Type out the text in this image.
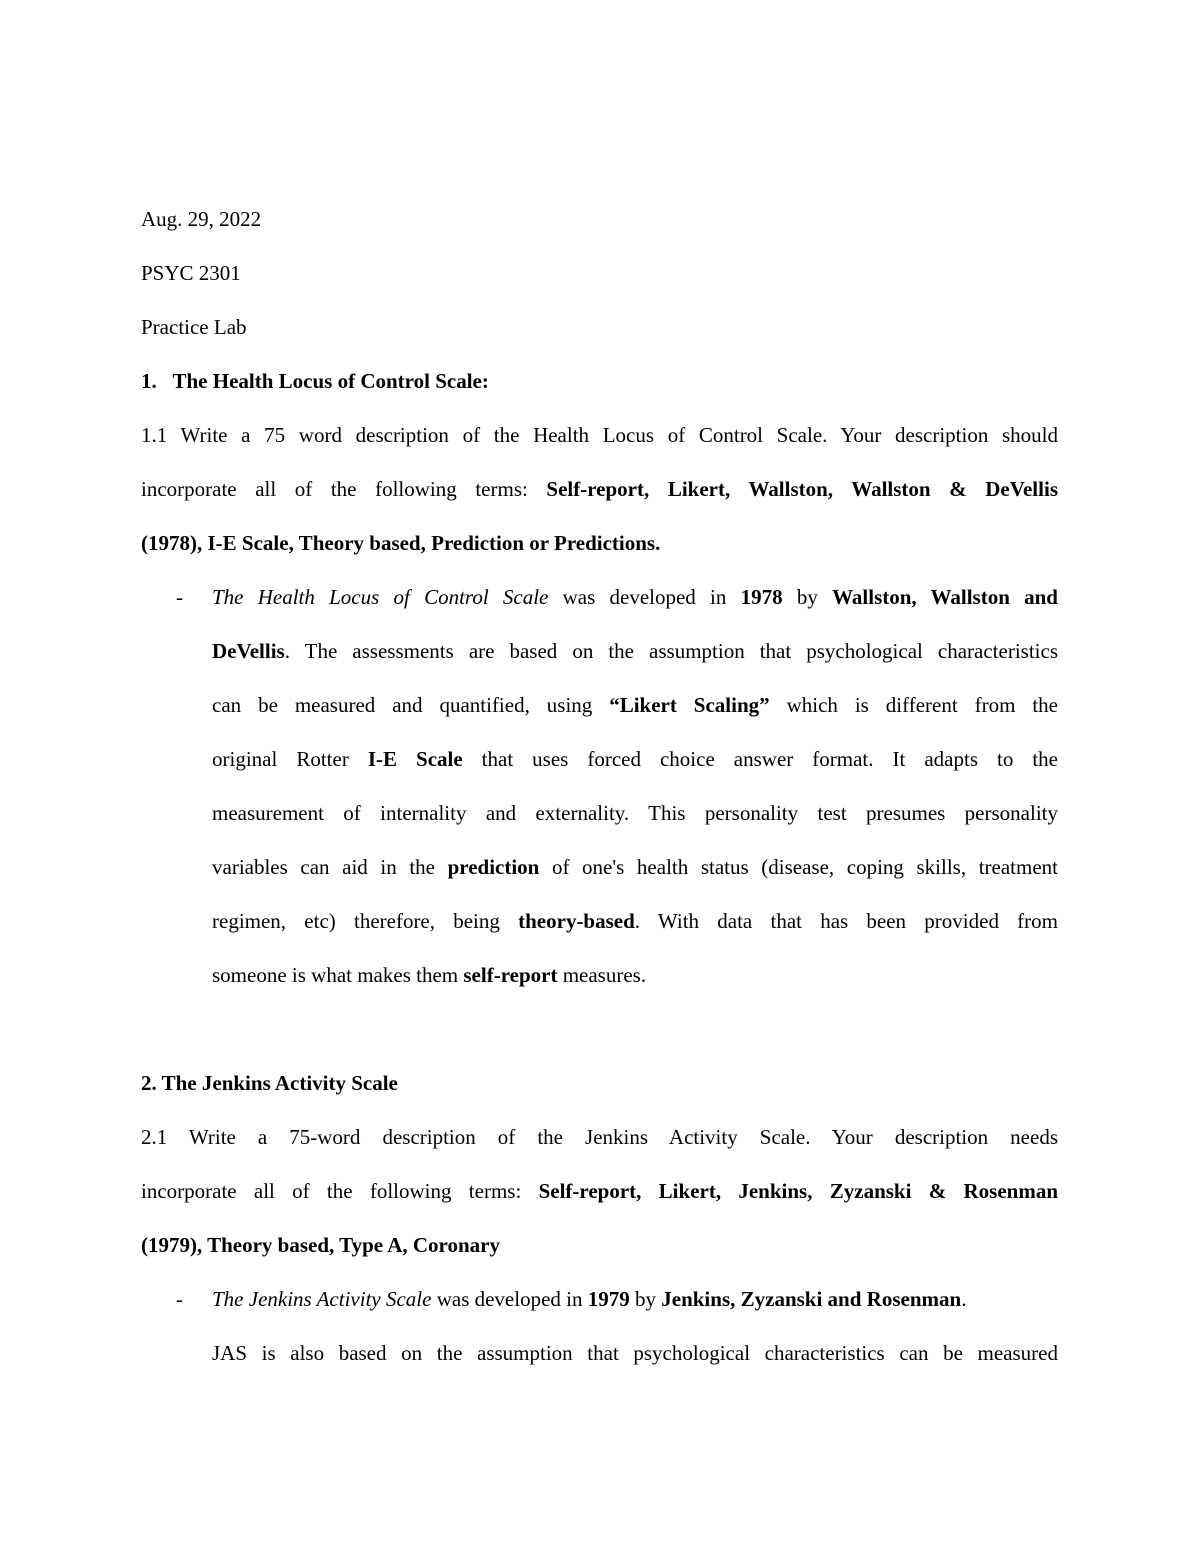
Aug. 29, 2022
PSYC 2301
Practice Lab
1. The Health Locus of Control Scale:
1.1 Write a 75 word description of the Health Locus of Control Scale. Your description should
incorporate all of the following terms: Self-report, Likert, Wallston, Wallston & DeVellis
(1978), I-E Scale, Theory based, Prediction or Predictions.
- The Health Locus of Control Scale was developed in 1978 by Wallston, Wallston and
DeVellis. The assessments are based on the assumption that psychological characteristics
can be measured and quantified, using “Likert Scaling” which is different from the
original Rotter I-E Scale that uses forced choice answer format. It adapts to the
measurement of internality and externality. This personality test presumes personality
variables can aid in the prediction of one's health status (disease, coping skills, treatment
regimen, etc) therefore, being theory-based. With data that has been provided from
someone is what makes them self-report measures.
2. The Jenkins Activity Scale
2.1 Write a 75-word description of the Jenkins Activity Scale. Your description needs
incorporate all of the following terms: Self-report, Likert, Jenkins, Zyzanski & Rosenman
(1979), Theory based, Type A, Coronary
- The Jenkins Activity Scale was developed in 1979 by Jenkins, Zyzanski and Rosenman.
JAS is also based on the assumption that psychological characteristics can be measured
